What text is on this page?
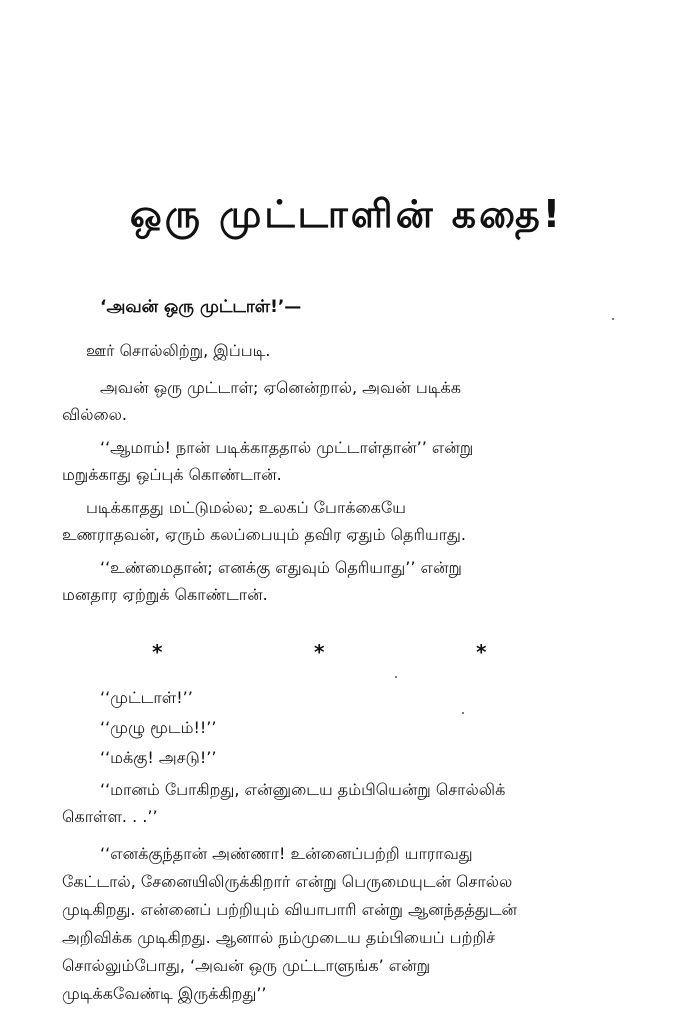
ஒரு முட்டாளின் கதை!
‘அவன் ஒரு முட்டாள்!’—
ஊர் சொல்லிற்று, இப்படி.
அவன் ஒரு முட்டாள்; ஏனென்றால், அவன் படிக்க
வில்லை.
‘‘ஆமாம்! நான் படிக்காததால் முட்டாள்தான்’’ என்று
மறுக்காது ஒப்புக் கொண்டான்.
படிக்காதது மட்டுமல்ல; உலகப் போக்கையே
உணராதவன், ஏரும் கலப்பையும் தவிர ஏதும் தெரியாது.
‘‘உண்மைதான்; எனக்கு எதுவும் தெரியாது’’ என்று
மனதார ஏற்றுக் கொண்டான்.
*	*	*
‘‘முட்டாள்!’’
‘‘முழு மூடம்!!’’
‘‘மக்கு! அசடு!’’
‘‘மானம் போகிறது, என்னுடைய தம்பியென்று சொல்லிக்
கொள்ள. . .’’
‘‘எனக்குந்தான் அண்ணா! உன்னைப்பற்றி யாராவது
கேட்டால், சேனையிலிருக்கிறார் என்று பெருமையுடன் சொல்ல
முடிகிறது. என்னைப் பற்றியும் வியாபாரி என்று ஆனந்தத்துடன்
அறிவிக்க முடிகிறது. ஆனால் நம்முடைய தம்பியைப் பற்றிச்
சொல்லும்போது, ‘அவன் ஒரு முட்டாளுங்க’ என்று
முடிக்கவேண்டி இருக்கிறது’’
